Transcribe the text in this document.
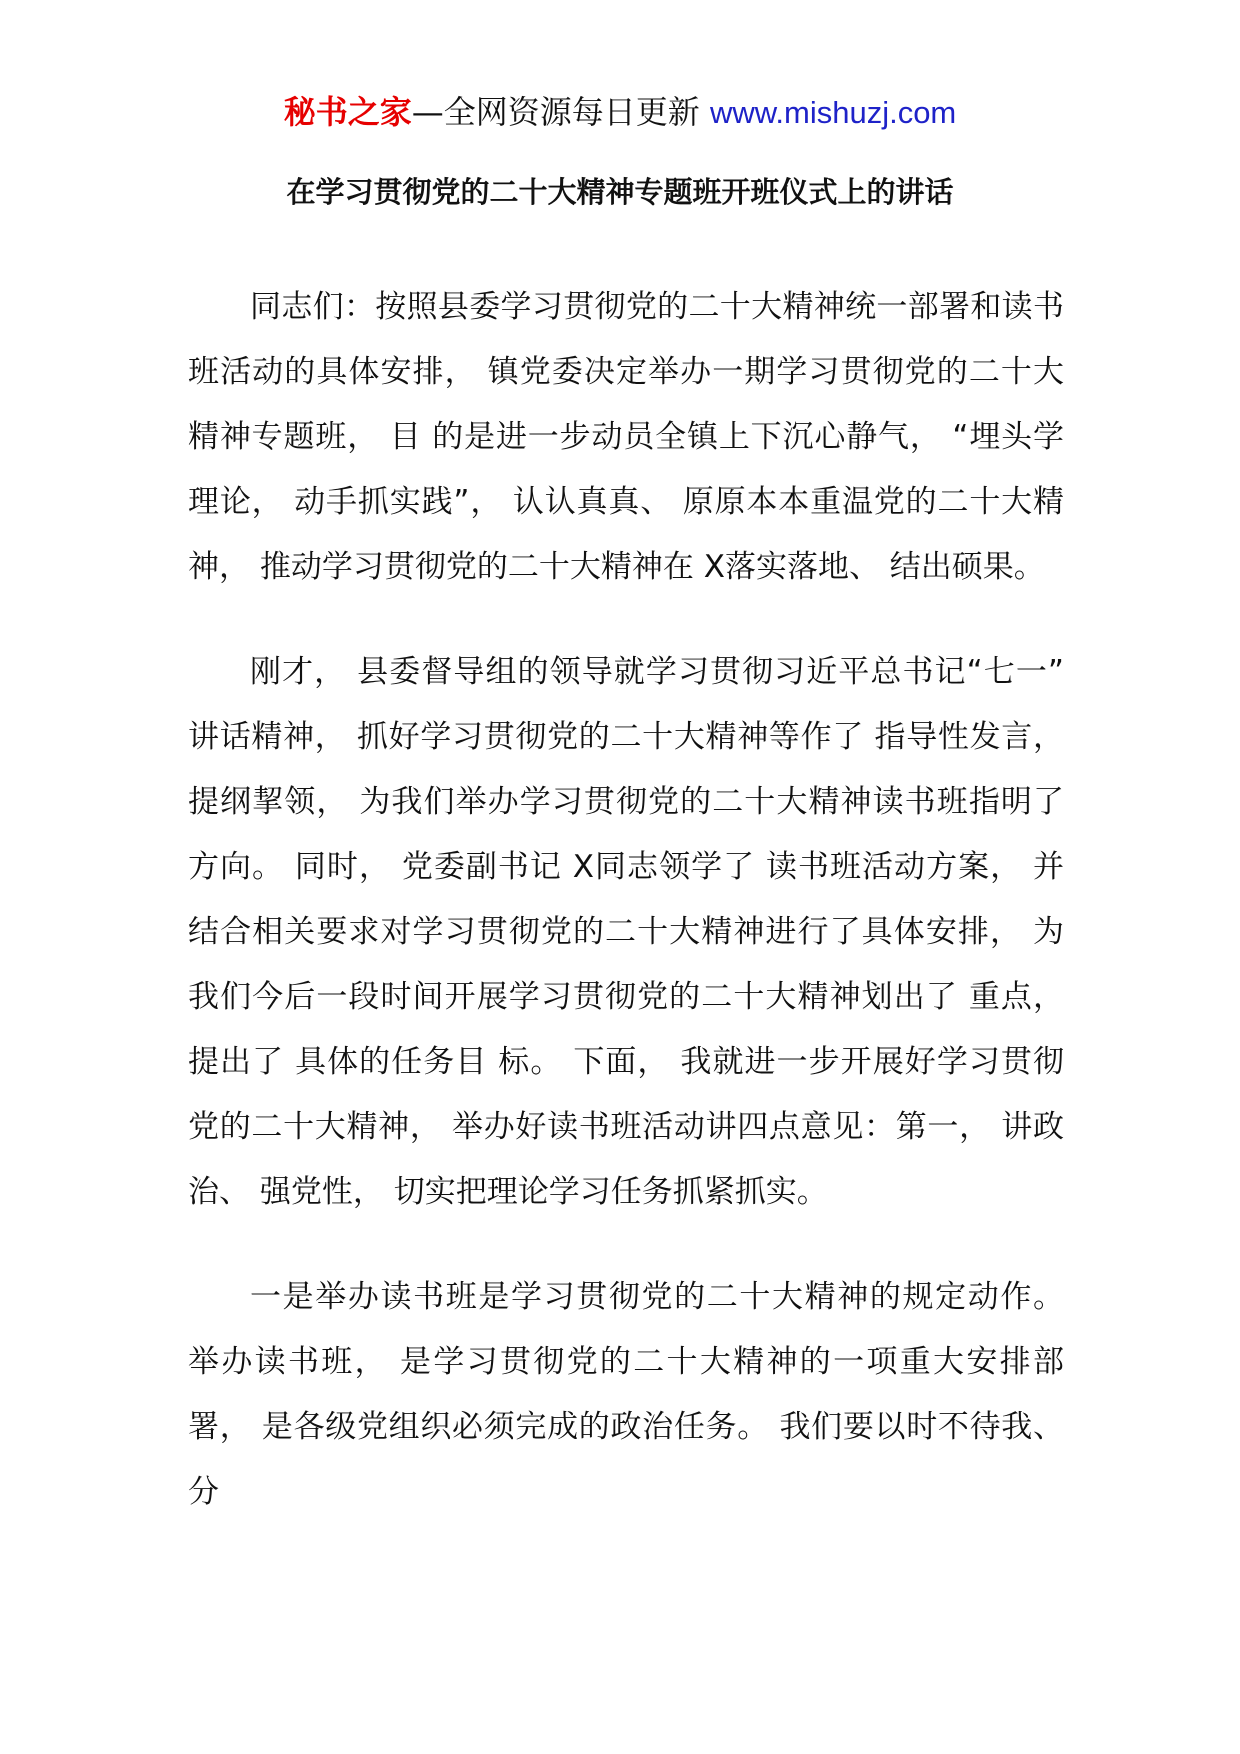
秘书之家—全网资源每日更新 www.mishuzj.com
在学习贯彻党的二十大精神专题班开班仪式上的讲话

同志们：按照县委学习贯彻党的二十大精神统一部署和读书班活动的具体安排， 镇党委决定举办一期学习贯彻党的二十大精神专题班， 目 的是进一步动员全镇上下沉心静气， “埋头学理论， 动手抓实践”， 认认真真、 原原本本重温党的二十大精神， 推动学习贯彻党的二十大精神在 X落实落地、 结出硕果。

刚才， 县委督导组的领导就学习贯彻习近平总书记“七一” 讲话精神， 抓好学习贯彻党的二十大精神等作了 指导性发言， 提纲挈领， 为我们举办学习贯彻党的二十大精神读书班指明了 方向。 同时， 党委副书记 X同志领学了 读书班活动方案， 并结合相关要求对学习贯彻党的二十大精神进行了具体安排， 为我们今后一段时间开展学习贯彻党的二十大精神划出了 重点， 提出了 具体的任务目 标。 下面， 我就进一步开展好学习贯彻党的二十大精神， 举办好读书班活动讲四点意见：第一， 讲政治、 强党性， 切实把理论学习任务抓紧抓实。

一是举办读书班是学习贯彻党的二十大精神的规定动作。 举办读书班， 是学习贯彻党的二十大精神的一项重大安排部署， 是各级党组织必须完成的政治任务。 我们要以时不待我、 分
